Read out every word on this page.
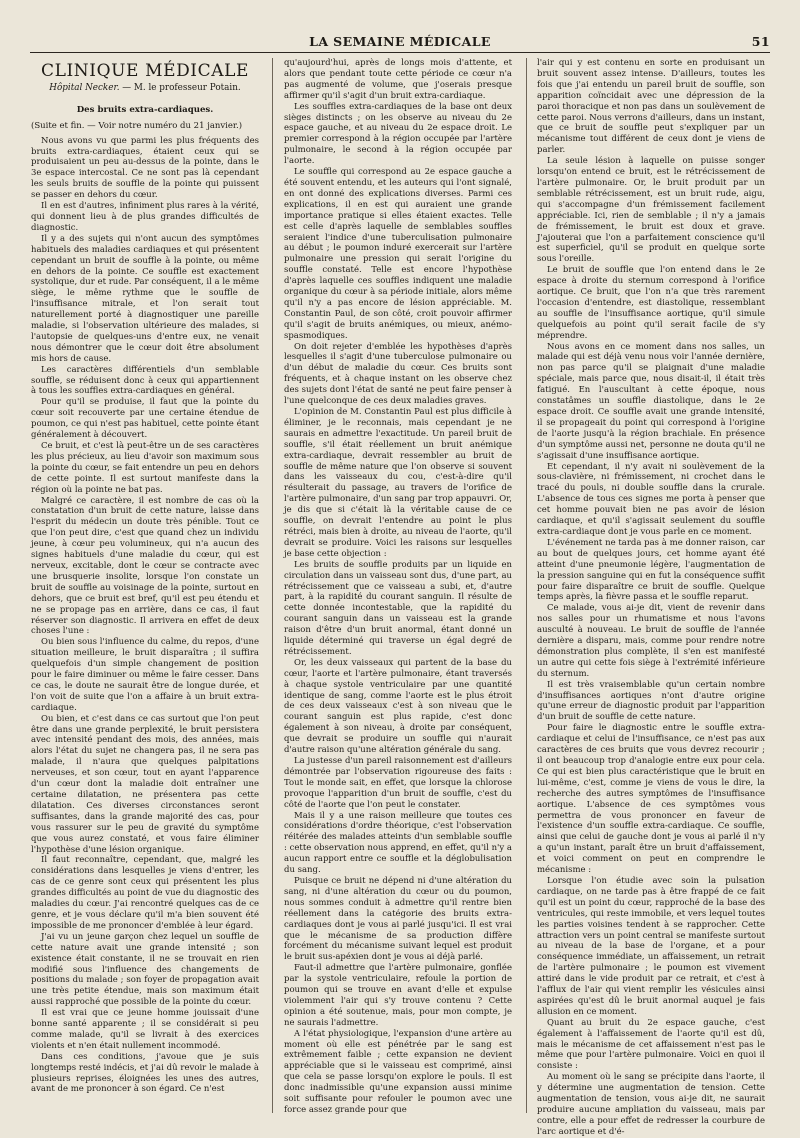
LA SEMAINE MÉDICALE	51
CLINIQUE MÉDICALE
Hôpital Necker. — M. le professeur Potain.
Des bruits extra-cardiaques.
(Suite et fin. — Voir notre numéro du 21 janvier.)

Nous avons vu que parmi les plus fréquents des bruits extra-cardiaques, étaient ceux qui se produisaient un peu au-dessus de la pointe, dans le 3e espace intercostal. Ce ne sont pas là cependant les seuls bruits de souffle de la pointe qui puissent se passer en dehors du cœur.

Il en est d'autres, infiniment plus rares à la vérité, qui donnent lieu à de plus grandes difficultés de diagnostic.

Il y a des sujets qui n'ont aucun des symptômes habituels des maladies cardiaques et qui présentent cependant un bruit de souffle à la pointe, ou même en dehors de la pointe. Ce souffle est exactement systolique, dur et rude. Par conséquent, il a le même siège, le même rythme que le souffle de l'insuffisance mitrale, et l'on serait tout naturellement porté à diagnostiquer une pareille maladie, si l'observation ultérieure des malades, si l'autopsie de quelques-uns d'entre eux, ne venait nous démontrer que le cœur doit être absolument mis hors de cause.

Les caractères différentiels d'un semblable souffle, se réduisent donc à ceux qui appartiennent à tous les souffles extra-cardiaques en général.

Pour qu'il se produise, il faut que la pointe du cœur soit recouverte par une certaine étendue de poumon, ce qui n'est pas habituel, cette pointe étant généralement à découvert.

Ce bruit, et c'est là peut-être un de ses caractères les plus précieux, au lieu d'avoir son maximum sous la pointe du cœur, se fait entendre un peu en dehors de cette pointe. Il est surtout manifeste dans la région où la pointe ne bat pas.

Malgré ce caractère, il est nombre de cas où la constatation d'un bruit de cette nature, laisse dans l'esprit du médecin un doute très pénible. Tout ce que l'on peut dire, c'est que quand chez un individu jeune, à cœur peu volumineux, qui n'a aucun des signes habituels d'une maladie du cœur, qui est nerveux, excitable, dont le cœur se contracte avec une brusquerie insolite, lorsque l'on constate un bruit de souffle au voisinage de la pointe, surtout en dehors, que ce bruit est bref, qu'il est peu étendu et ne se propage pas en arrière, dans ce cas, il faut réserver son diagnostic. Il arrivera en effet de deux choses l'une :

Ou bien sous l'influence du calme, du repos, d'une situation meilleure, le bruit disparaîtra ; il suffira quelquefois d'un simple changement de position pour le faire diminuer ou même le faire cesser. Dans ce cas, le doute ne saurait être de longue durée, et l'on voit de suite que l'on a affaire à un bruit extra-cardiaque.

Ou bien, et c'est dans ce cas surtout que l'on peut être dans une grande perplexité, le bruit persistera avec intensité pendant des mois, des années, mais alors l'état du sujet ne changera pas, il ne sera pas malade, il n'aura que quelques palpitations nerveuses, et son cœur, tout en ayant l'apparence d'un cœur dont la maladie doit entraîner une certaine dilatation, ne présentera pas cette dilatation. Ces diverses circonstances seront suffisantes, dans la grande majorité des cas, pour vous rassurer sur le peu de gravité du symptôme que vous aurez constaté, et vous faire éliminer l'hypothèse d'une lésion organique.

Il faut reconnaître, cependant, que, malgré les considérations dans lesquelles je viens d'entrer, les cas de ce genre sont ceux qui présentent les plus grandes difficultés au point de vue du diagnostic des maladies du cœur. J'ai rencontré quelques cas de ce genre, et je vous déclare qu'il m'a bien souvent été impossible de me prononcer d'emblée à leur égard.

J'ai vu un jeune garçon chez lequel un souffle de cette nature avait une grande intensité ; son existence était constante, il ne se trouvait en rien modifié sous l'influence des changements de positions du malade ; son foyer de propagation avait une très petite étendue, mais son maximum était aussi rapproché que possible de la pointe du cœur.

Il est vrai que ce jeune homme jouissait d'une bonne santé apparente ; il se considérait si peu comme malade, qu'il se livrait à des exercices violents et n'en était nullement incommodé.

Dans ces conditions, j'avoue que je suis longtemps resté indécis, et j'ai dû revoir le malade à plusieurs reprises, éloignées les unes des autres, avant de me prononcer à son égard. Ce n'est

qu'aujourd'hui, après de longs mois d'attente, et alors que pendant toute cette période ce cœur n'a pas augmenté de volume, que j'oserais presque affirmer qu'il s'agit d'un bruit extra-cardiaque.

Les souffles extra-cardiaques de la base ont deux sièges distincts ; on les observe au niveau du 2e espace gauche, et au niveau du 2e espace droit. Le premier correspond à la région occupée par l'artère pulmonaire, le second à la région occupée par l'aorte.

Le souffle qui correspond au 2e espace gauche a été souvent entendu, et les auteurs qui l'ont signalé, en ont donné des explications diverses. Parmi ces explications, il en est qui auraient une grande importance pratique si elles étaient exactes. Telle est celle d'après laquelle de semblables souffles seraient l'indice d'une tuberculisation pulmonaire au début ; le poumon induré exercerait sur l'artère pulmonaire une pression qui serait l'origine du souffle constaté. Telle est encore l'hypothèse d'après laquelle ces souffles indiquent une maladie organique du cœur à sa période initiale, alors même qu'il n'y a pas encore de lésion appréciable. M. Constantin Paul, de son côté, croit pouvoir affirmer qu'il s'agit de bruits anémiques, ou mieux, anémo-spasmodiques.

On doit rejeter d'emblée les hypothèses d'après lesquelles il s'agit d'une tuberculose pulmonaire ou d'un début de maladie du cœur. Ces bruits sont fréquents, et à chaque instant on les observe chez des sujets dont l'état de santé ne peut faire penser à l'une quelconque de ces deux maladies graves.

L'opinion de M. Constantin Paul est plus difficile à éliminer, je le reconnais, mais cependant je ne saurais en admettre l'exactitude. Un pareil bruit de souffle, s'il était réellement un bruit anémique extra-cardiaque, devrait ressembler au bruit de souffle de même nature que l'on observe si souvent dans les vaisseaux du cou, c'est-à-dire qu'il résulterait du passage, au travers de l'orifice de l'artère pulmonaire, d'un sang par trop appauvri. Or, je dis que si c'était là la véritable cause de ce souffle, on devrait l'entendre au point le plus rétréci, mais bien à droite, au niveau de l'aorte, qu'il devrait se produire. Voici les raisons sur lesquelles je base cette objection :

Les bruits de souffle produits par un liquide en circulation dans un vaisseau sont dus, d'une part, au rétrécissement que ce vaisseau a subi, et, d'autre part, à la rapidité du courant sanguin. Il résulte de cette donnée incontestable, que la rapidité du courant sanguin dans un vaisseau est la grande raison d'être d'un bruit anormal, étant donné un liquide déterminé qui traverse un égal degré de rétrécissement.

Or, les deux vaisseaux qui partent de la base du cœur, l'aorte et l'artère pulmonaire, étant traversés à chaque systole ventriculaire par une quantité identique de sang, comme l'aorte est le plus étroit de ces deux vaisseaux c'est à son niveau que le courant sanguin est plus rapide, c'est donc également à son niveau, à droite par conséquent, que devrait se produire un souffle qui n'aurait d'autre raison qu'une altération générale du sang.

La justesse d'un pareil raisonnement est d'ailleurs démontrée par l'observation rigoureuse des faits : Tout le monde sait, en effet, que lorsque la chlorose provoque l'apparition d'un bruit de souffle, c'est du côté de l'aorte que l'on peut le constater.

Mais il y a une raison meilleure que toutes ces considérations d'ordre théorique, c'est l'observation réitérée des malades atteints d'un semblable souffle : cette observation nous apprend, en effet, qu'il n'y a aucun rapport entre ce souffle et la déglobulisation du sang.

Puisque ce bruit ne dépend ni d'une altération du sang, ni d'une altération du cœur ou du poumon, nous sommes conduit à admettre qu'il rentre bien réellement dans la catégorie des bruits extra-cardiaques dont je vous ai parlé jusqu'ici. Il est vrai que le mécanisme de sa production diffère forcément du mécanisme suivant lequel est produit le bruit sus-apéxien dont je vous ai déjà parlé.

Faut-il admettre que l'artère pulmonaire, gonflée par la systole ventriculaire, refoule la portion de poumon qui se trouve en avant d'elle et expulse violemment l'air qui s'y trouve contenu ? Cette opinion a été soutenue, mais, pour mon compte, je ne saurais l'admettre.

A l'état physiologique, l'expansion d'une artère au moment où elle est pénétrée par le sang est extrêmement faible ; cette expansion ne devient appréciable que si le vaisseau est comprimé, ainsi que cela se passe lorsqu'on explore le pouls. Il est donc inadmissible qu'une expansion aussi minime soit suffisante pour refouler le poumon avec une force assez grande pour que

l'air qui y est contenu en sorte en produisant un bruit souvent assez intense. D'ailleurs, toutes les fois que j'ai entendu un pareil bruit de souffle, son apparition coïncidait avec une dépression de la paroi thoracique et non pas dans un soulèvement de cette paroi. Nous verrons d'ailleurs, dans un instant, que ce bruit de souffle peut s'expliquer par un mécanisme tout différent de ceux dont je viens de parler.

La seule lésion à laquelle on puisse songer lorsqu'on entend ce bruit, est le rétrécissement de l'artère pulmonaire. Or, le bruit produit par un semblable rétrécissement, est un bruit rude, aigu, qui s'accompagne d'un frémissement facilement appréciable. Ici, rien de semblable ; il n'y a jamais de frémissement, le bruit est doux et grave. J'ajouterai que l'on a parfaitement conscience qu'il est superficiel, qu'il se produit en quelque sorte sous l'oreille.

Le bruit de souffle que l'on entend dans le 2e espace à droite du sternum correspond à l'orifice aortique. Ce bruit, que l'on n'a que très rarement l'occasion d'entendre, est diastolique, ressemblant au souffle de l'insuffisance aortique, qu'il simule quelquefois au point qu'il serait facile de s'y méprendre.

Nous avons en ce moment dans nos salles, un malade qui est déjà venu nous voir l'année dernière, non pas parce qu'il se plaignait d'une maladie spéciale, mais parce que, nous disait-il, il était très fatigué. En l'auscultant à cette époque, nous constatâmes un souffle diastolique, dans le 2e espace droit. Ce souffle avait une grande intensité, il se propageait du point qui correspond à l'origine de l'aorte jusqu'à la région brachiale. En présence d'un symptôme aussi net, personne ne douta qu'il ne s'agissait d'une insuffisance aortique.

Et cependant, il n'y avait ni soulèvement de la sous-clavière, ni frémissement, ni crochet dans le tracé du pouls, ni double souffle dans la crurale. L'absence de tous ces signes me porta à penser que cet homme pouvait bien ne pas avoir de lésion cardiaque, et qu'il s'agissait seulement du souffle extra-cardiaque dont je vous parle en ce moment.

L'événement ne tarda pas à me donner raison, car au bout de quelques jours, cet homme ayant été atteint d'une pneumonie légère, l'augmentation de la pression sanguine qui en fut la conséquence suffit pour faire disparaître ce bruit de souffle. Quelque temps après, la fièvre passa et le souffle reparut.

Ce malade, vous ai-je dit, vient de revenir dans nos salles pour un rhumatisme et nous l'avons ausculté à nouveau. Le bruit de souffle de l'année dernière a disparu, mais, comme pour rendre notre démonstration plus complète, il s'en est manifesté un autre qui cette fois siège à l'extrémité inférieure du sternum.

Il est très vraisemblable qu'un certain nombre d'insuffisances aortiques n'ont d'autre origine qu'une erreur de diagnostic produit par l'apparition d'un bruit de souffle de cette nature.

Pour faire le diagnostic entre le souffle extra-cardiaque et celui de l'insuffisance, ce n'est pas aux caractères de ces bruits que vous devrez recourir ; il ont beaucoup trop d'analogie entre eux pour cela. Ce qui est bien plus caractéristique que le bruit en lui-même, c'est, comme je viens de vous le dire, la recherche des autres symptômes de l'insuffisance aortique. L'absence de ces symptômes vous permettra de vous prononcer en faveur de l'existence d'un souffle extra-cardiaque. Ce souffle, ainsi que celui de gauche dont je vous ai parlé il n'y a qu'un instant, paraît être un bruit d'affaissement, et voici comment on peut en comprendre le mécanisme :

Lorsque l'on étudie avec soin la pulsation cardiaque, on ne tarde pas à être frappé de ce fait qu'il est un point du cœur, rapproché de la base des ventricules, qui reste immobile, et vers lequel toutes les parties voisines tendent à se rapprocher. Cette attraction vers un point central se manifeste surtout au niveau de la base de l'organe, et a pour conséquence immédiate, un affaissement, un retrait de l'artère pulmonaire ; le poumon est vivement attiré dans le vide produit par ce retrait, et c'est à l'afflux de l'air qui vient remplir les vésicules ainsi aspirées qu'est dû le bruit anormal auquel je fais allusion en ce moment.

Quant au bruit du 2e espace gauche, c'est également à l'affaissement de l'aorte qu'il est dû, mais le mécanisme de cet affaissement n'est pas le même que pour l'artère pulmonaire. Voici en quoi il consiste :

Au moment où le sang se précipite dans l'aorte, il y détermine une augmentation de tension. Cette augmentation de tension, vous ai-je dit, ne saurait produire aucune ampliation du vaisseau, mais par contre, elle a pour effet de redresser la courbure de l'arc aortique et d'é-
